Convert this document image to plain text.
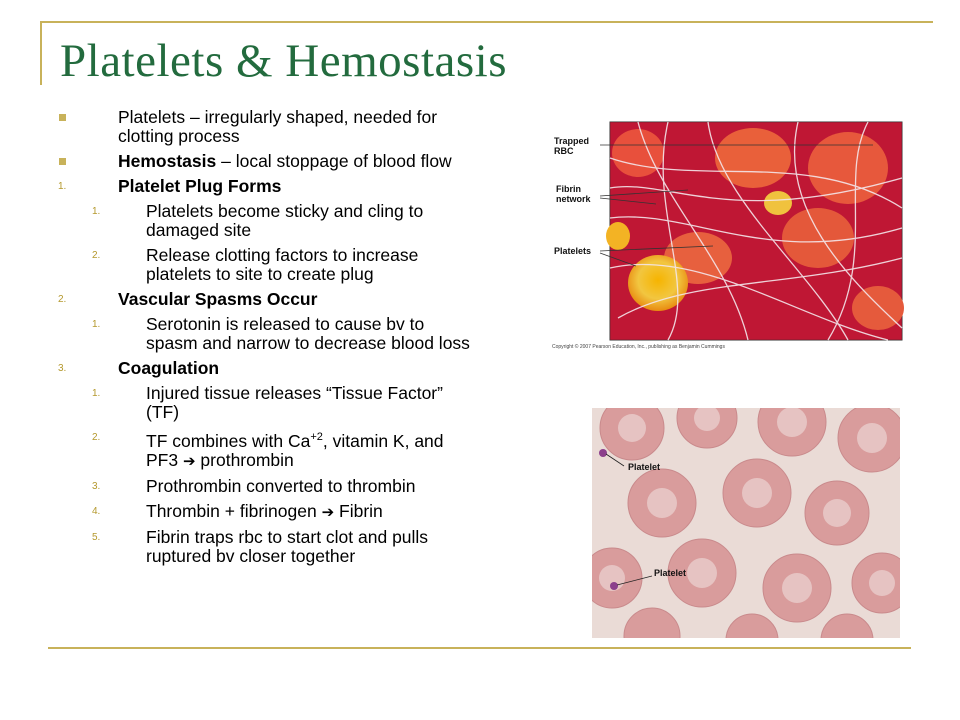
Platelets & Hemostasis
Platelets – irregularly shaped, needed for clotting process
Hemostasis – local stoppage of blood flow
1.	Platelet Plug Forms
1.	Platelets become sticky and cling to damaged site
2.	Release clotting factors to increase platelets to site to create plug
2.	Vascular Spasms Occur
1.	Serotonin is released to cause bv to spasm and narrow to decrease blood loss
3.	Coagulation
1.	Injured tissue releases “Tissue Factor” (TF)
2.	TF combines with $Ca^{+2}$, vitamin K, and PF3 ➔ prothrombin
3.	Prothrombin converted to thrombin
4.	Thrombin + fibrinogen ➔ Fibrin
5.	Fibrin traps rbc to start clot and pulls ruptured bv closer together
Trapped
RBC
Fibrin
network
Platelets
Copyright © 2007 Pearson Education, Inc., publishing as Benjamin Cummings
Platelet
Platelet
